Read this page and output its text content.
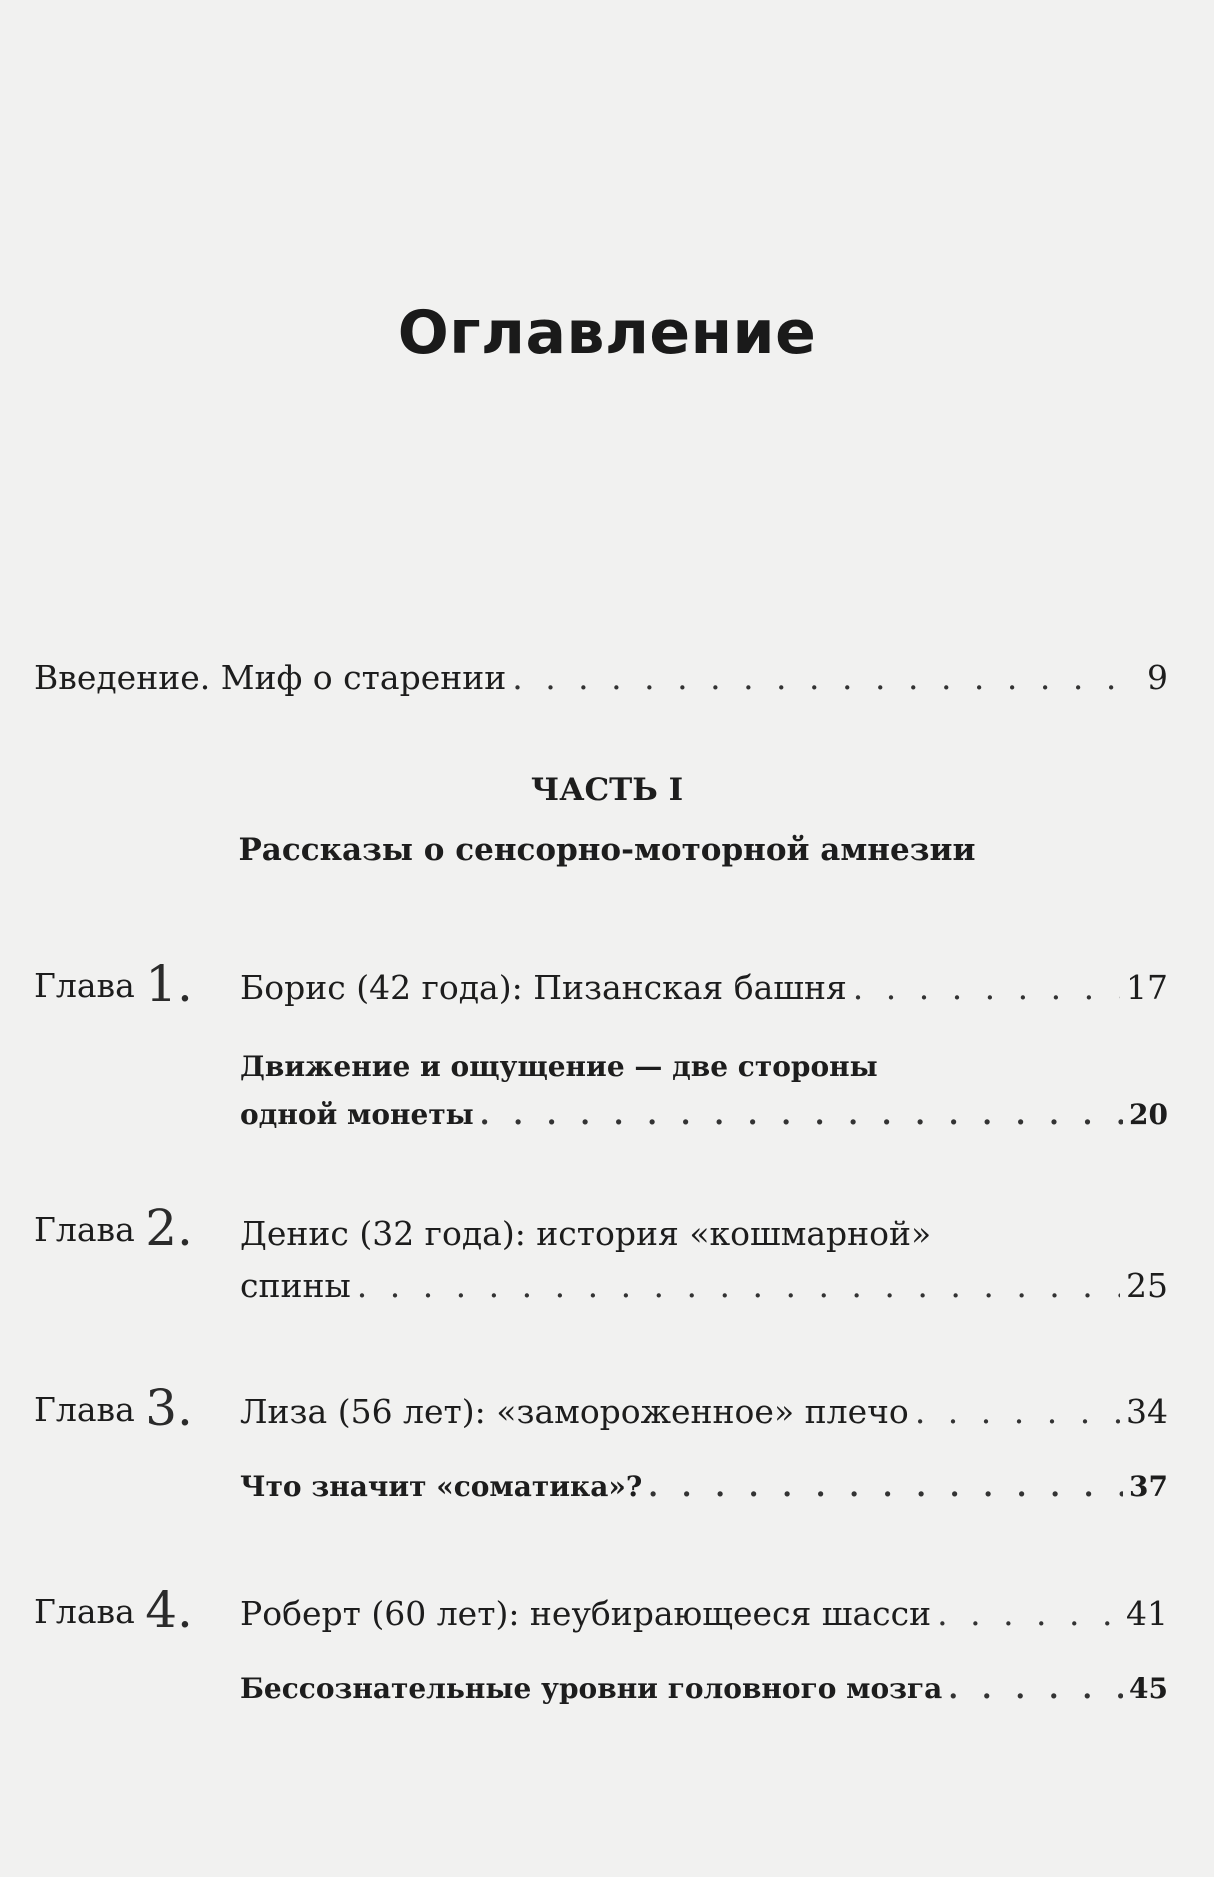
Оглавление
Введение. Миф о старении . . .	9
ЧАСТЬ I
Рассказы о сенсорно-моторной амнезии
Глава 1. Борис (42 года): Пизанская башня . . .	17
Движение и ощущение — две стороны
одной монеты . . .	20
Глава 2. Денис (32 года): история «кошмарной»
спины . . .	25
Глава 3. Лиза (56 лет): «замороженное» плечо . . .	34
Что значит «соматика»? . . .	37
Глава 4. Роберт (60 лет): неубирающееся шасси . . .	41
Бессознательные уровни головного мозга . . .	45
